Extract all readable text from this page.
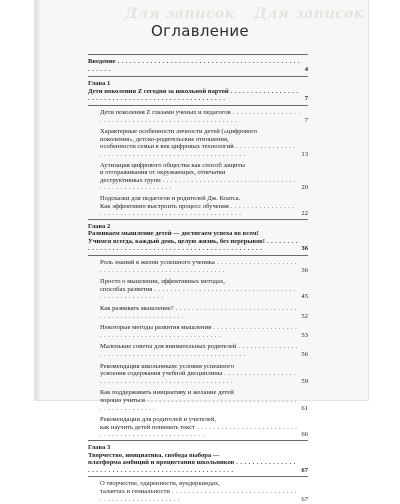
Для записок Для записок
Оглавление
Введение . . .
4
Глава 1
Дети поколения Z сегодня за школьной партой . . .
7
Дети поколения Z глазами ученых и педагогов . . .
7
Характерные особенности личности детей («цифрового
поколения», детско-родительские отношения,
особенности семьи в век цифровых технологий . . .
13
Аутизация цифрового общества как способ защиты
и отгораживания от окружающих, отпечатки
деструктивных групп . . .
20
Подсказки для педагогов и родителей Дж. Коатса.
Как эффективно выстроить процесс обучения . . .
22
Глава 2
Развиваем мышление детей — достигаем успеха во всем!
Учимся всегда, каждый день, целую жизнь, без перерывов! . . .
36
Роль знаний в жизни успешного ученика . . .
36
Просто о мышлении, эффективных методах,
способах развития . . .
45
Как развивать мышление? . . .
52
Некоторые методы развития мышления . . .
53
Маленькие советы для внимательных родителей . . .
56
Рекомендация школьникам: условия успешного
усвоения содержания учебной дисциплины . . .
59
Как поддерживать инициативу и желание детей
хорошо учиться . . .
61
Рекомендации для родителей и учителей,
как научить детей понимать текст . . .
66
Глава 3
Творчество, инициатива, свобода выбора —
платформа амбиций и процветания школьников . . .
67
О творчестве, одаренности, вундеркиндах,
талантах и гениальности . . .
67
